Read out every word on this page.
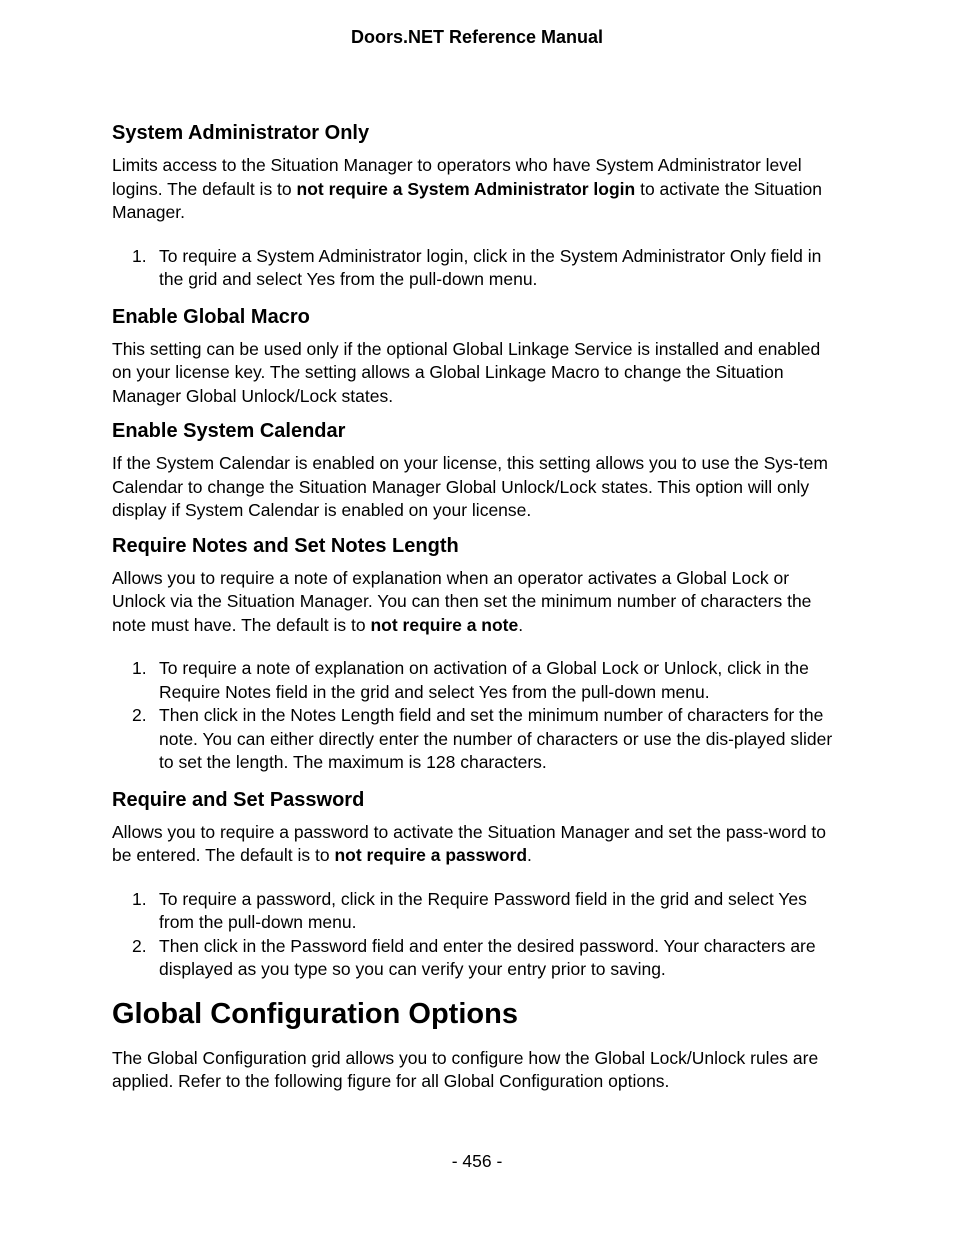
Doors.NET Reference Manual
System Administrator Only

Limits access to the Situation Manager to operators who have System Administrator level logins. The default is to not require a System Administrator login to activate the Situation Manager.

1. To require a System Administrator login, click in the System Administrator Only field in the grid and select Yes from the pull-down menu.
Enable Global Macro

This setting can be used only if the optional Global Linkage Service is installed and enabled on your license key. The setting allows a Global Linkage Macro to change the Situation Manager Global Unlock/Lock states.

Enable System Calendar

If the System Calendar is enabled on your license, this setting allows you to use the Sys-tem Calendar to change the Situation Manager Global Unlock/Lock states. This option will only display if System Calendar is enabled on your license.

Require Notes and Set Notes Length

Allows you to require a note of explanation when an operator activates a Global Lock or Unlock via the Situation Manager. You can then set the minimum number of characters the note must have. The default is to not require a note.

1. To require a note of explanation on activation of a Global Lock or Unlock, click in the Require Notes field in the grid and select Yes from the pull-down menu.
2. Then click in the Notes Length field and set the minimum number of characters for the note. You can either directly enter the number of characters or use the dis-played slider to set the length. The maximum is 128 characters.
Require and Set Password

Allows you to require a password to activate the Situation Manager and set the pass-word to be entered. The default is to not require a password.

1. To require a password, click in the Require Password field in the grid and select Yes from the pull-down menu.
2. Then click in the Password field and enter the desired password. Your characters are displayed as you type so you can verify your entry prior to saving.
Global Configuration Options

The Global Configuration grid allows you to configure how the Global Lock/Unlock rules are applied. Refer to the following figure for all Global Configuration options.

- 456 -
